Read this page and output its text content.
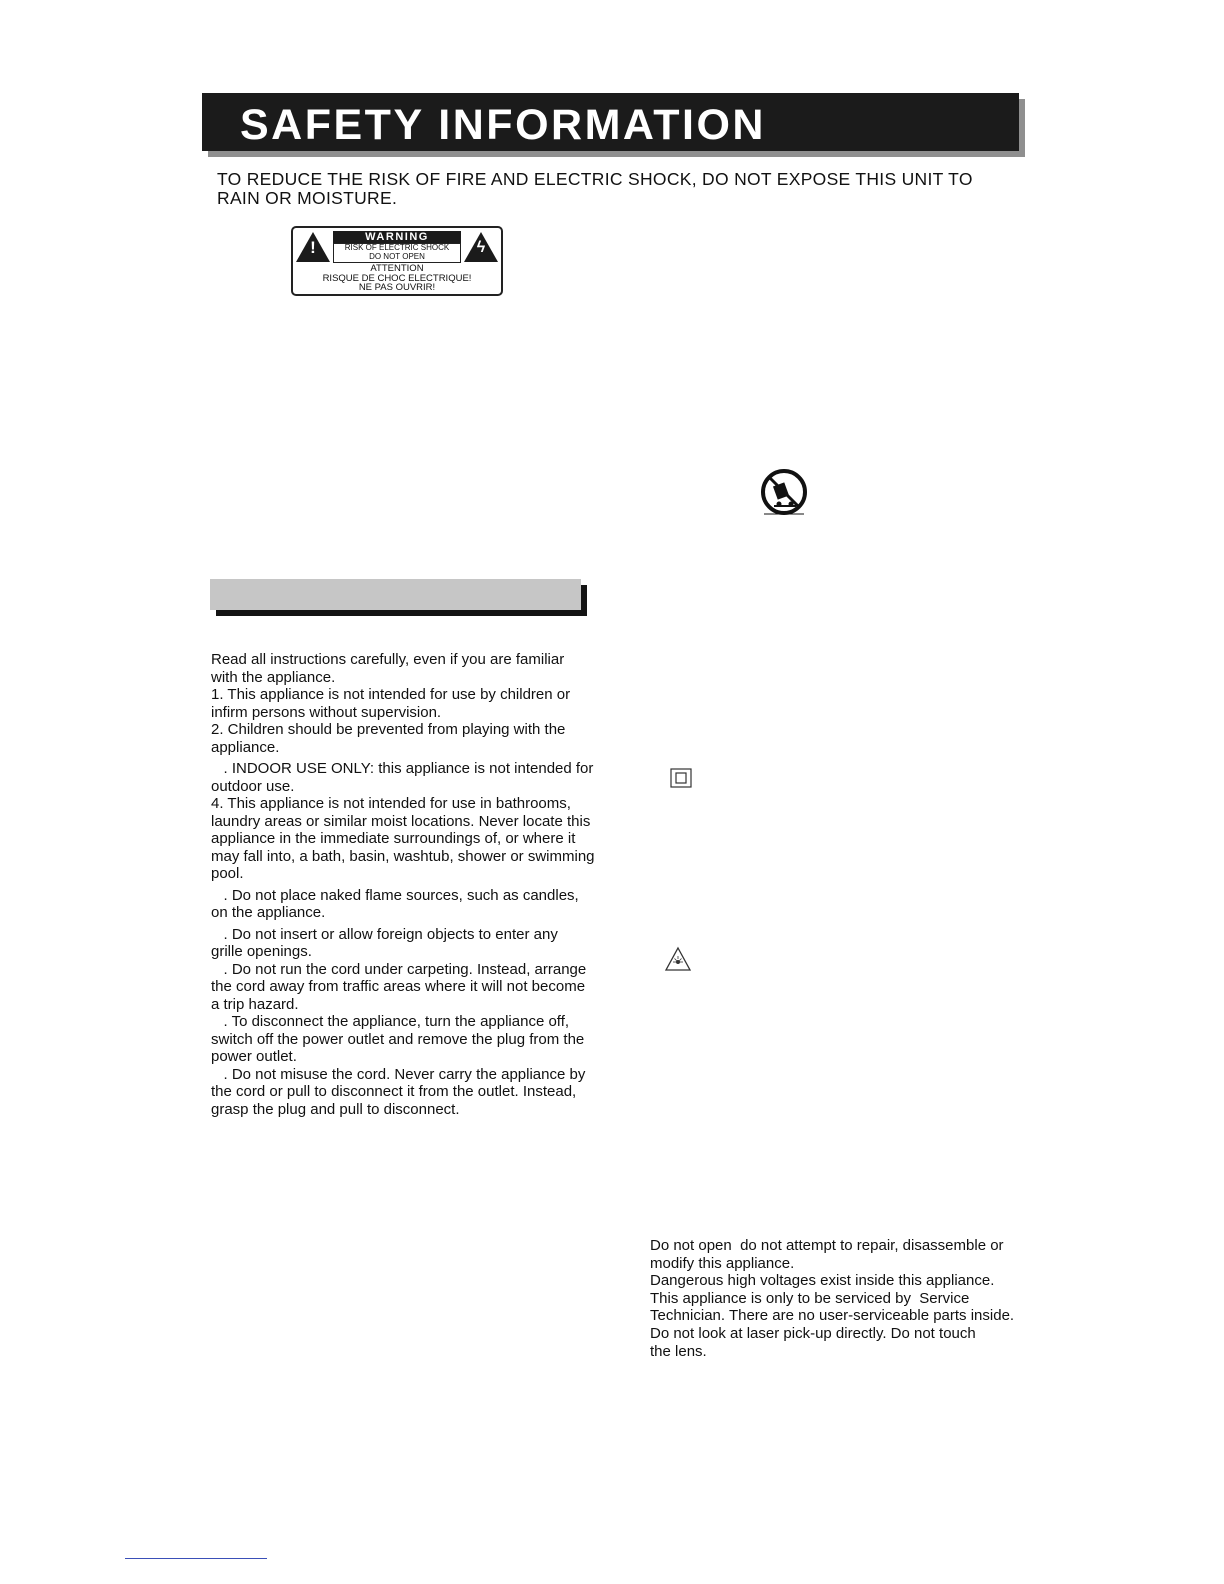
SAFETY INFORMATION
TO REDUCE THE RISK OF FIRE AND ELECTRIC SHOCK, DO NOT EXPOSE THIS UNIT TO
RAIN OR MOISTURE.
!	ϟ
WARNING
RISK OF ELECTRIC SHOCK
DO NOT OPEN
ATTENTION
RISQUE DE CHOC ELECTRIQUE!
NE PAS OUVRIR!
Read all instructions carefully, even if you are familiar
with the appliance.
1. This appliance is not intended for use by children or
infirm persons without supervision.
2. Children should be prevented from playing with the
appliance.
. INDOOR USE ONLY: this appliance is not intended for
outdoor use.
4. This appliance is not intended for use in bathrooms,
laundry areas or similar moist locations. Never locate this
appliance in the immediate surroundings of, or where it
may fall into, a bath, basin, washtub, shower or swimming
pool.
. Do not place naked flame sources, such as candles,
on the appliance.
. Do not insert or allow foreign objects to enter any
grille openings.
. Do not run the cord under carpeting. Instead, arrange
the cord away from traffic areas where it will not become
a trip hazard.
. To disconnect the appliance, turn the appliance off,
switch off the power outlet and remove the plug from the
power outlet.
. Do not misuse the cord. Never carry the appliance by
the cord or pull to disconnect it from the outlet. Instead,
grasp the plug and pull to disconnect.
Do not open  do not attempt to repair, disassemble or
modify this appliance.
Dangerous high voltages exist inside this appliance.
This appliance is only to be serviced by  Service
Technician. There are no user-serviceable parts inside.
Do not look at laser pick-up directly. Do not touch
the lens.
